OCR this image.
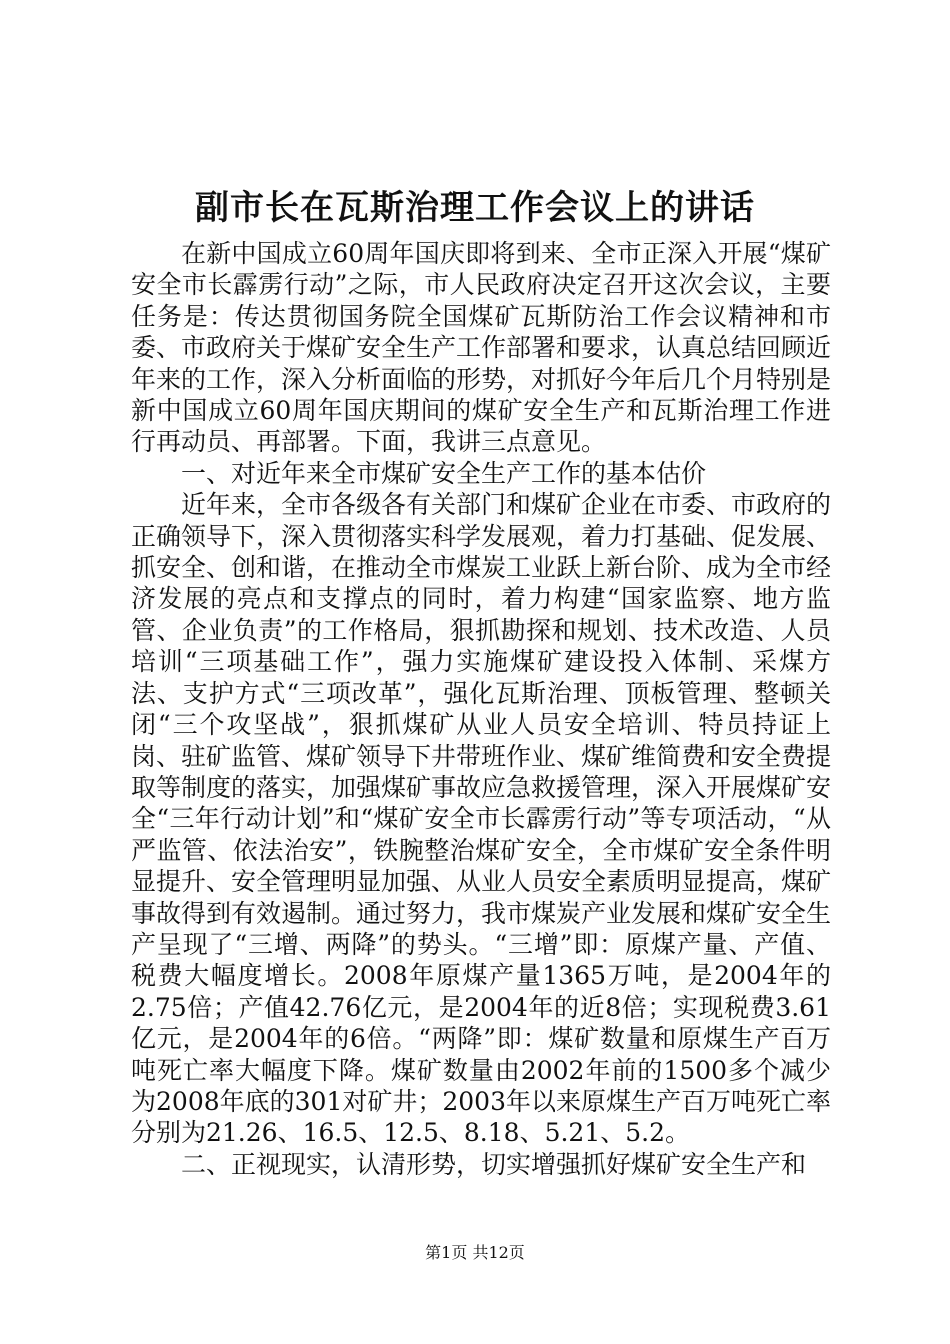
副市长在瓦斯治理工作会议上的讲话

在新中国成立60周年国庆即将到来、全市正深入开展“煤矿安全市长霹雳行动”之际，市人民政府决定召开这次会议，主要任务是：传达贯彻国务院全国煤矿瓦斯防治工作会议精神和市委、市政府关于煤矿安全生产工作部署和要求，认真总结回顾近年来的工作，深入分析面临的形势，对抓好今年后几个月特别是新中国成立60周年国庆期间的煤矿安全生产和瓦斯治理工作进行再动员、再部署。下面，我讲三点意见。

一、对近年来全市煤矿安全生产工作的基本估价

近年来，全市各级各有关部门和煤矿企业在市委、市政府的正确领导下，深入贯彻落实科学发展观，着力打基础、促发展、抓安全、创和谐，在推动全市煤炭工业跃上新台阶、成为全市经济发展的亮点和支撑点的同时，着力构建“国家监察、地方监管、企业负责”的工作格局，狠抓勘探和规划、技术改造、人员培训“三项基础工作”，强力实施煤矿建设投入体制、采煤方法、支护方式“三项改革”，强化瓦斯治理、顶板管理、整顿关闭“三个攻坚战”，狠抓煤矿从业人员安全培训、特员持证上岗、驻矿监管、煤矿领导下井带班作业、煤矿维简费和安全费提取等制度的落实，加强煤矿事故应急救援管理，深入开展煤矿安全“三年行动计划”和“煤矿安全市长霹雳行动”等专项活动，“从严监管、依法治安”，铁腕整治煤矿安全，全市煤矿安全条件明显提升、安全管理明显加强、从业人员安全素质明显提高，煤矿事故得到有效遏制。通过努力，我市煤炭产业发展和煤矿安全生产呈现了“三增、两降”的势头。“三增”即：原煤产量、产值、税费大幅度增长。2008年原煤产量1365万吨，是2004年的2.75倍；产值42.76亿元，是2004年的近8倍；实现税费3.61亿元，是2004年的6倍。“两降”即：煤矿数量和原煤生产百万吨死亡率大幅度下降。煤矿数量由2002年前的1500多个减少为2008年底的301对矿井；2003年以来原煤生产百万吨死亡率分别为21.26、16.5、12.5、8.18、5.21、5.2。

二、正视现实，认清形势，切实增强抓好煤矿安全生产和

第1页 共12页
